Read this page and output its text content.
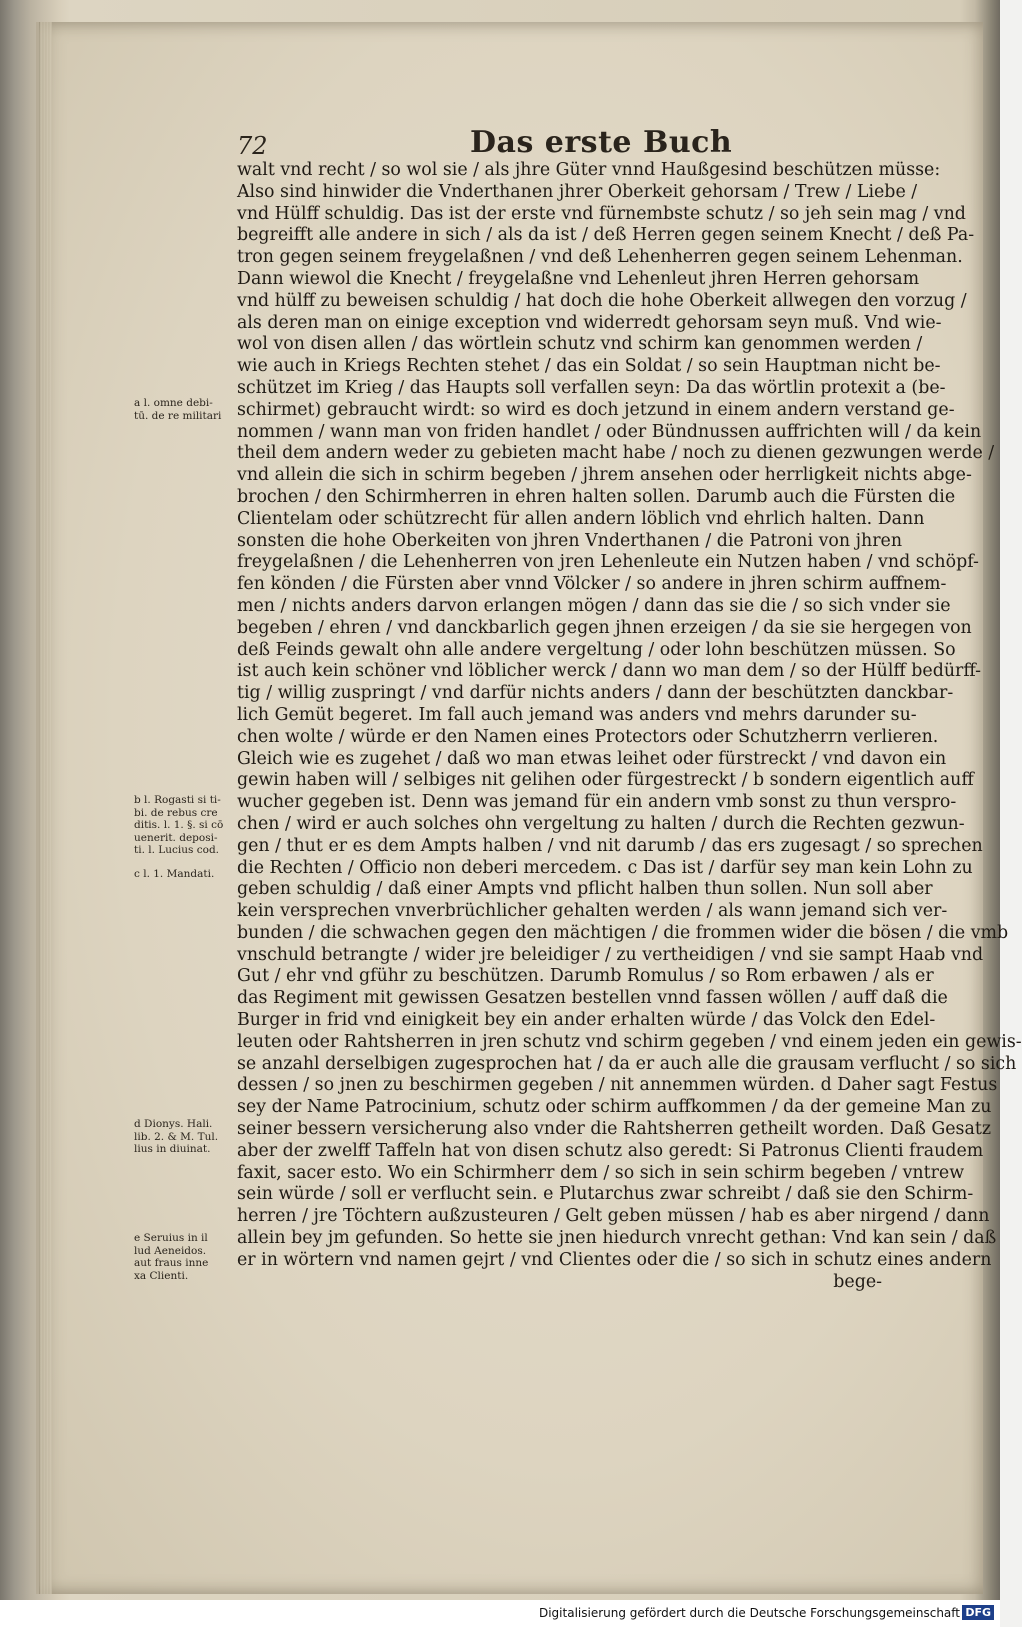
72	Das erste Buch
walt vnd recht / so wol sie / als jhre Güter vnnd Haußgesind beschützen müsse:
Also sind hinwider die Vnderthanen jhrer Oberkeit gehorsam / Trew / Liebe /
vnd Hülff schuldig. Das ist der erste vnd fürnembste schutz / so jeh sein mag / vnd
begreifft alle andere in sich / als da ist / deß Herren gegen seinem Knecht / deß Pa-
tron gegen seinem freygelaßnen / vnd deß Lehenherren gegen seinem Lehenman.
Dann wiewol die Knecht / freygelaßne vnd Lehenleut jhren Herren gehorsam
vnd hülff zu beweisen schuldig / hat doch die hohe Oberkeit allwegen den vorzug /
als deren man on einige exception vnd widerredt gehorsam seyn muß. Vnd wie-
wol von disen allen / das wörtlein schutz vnd schirm kan genommen werden /
wie auch in Kriegs Rechten stehet / das ein Soldat / so sein Hauptman nicht be-
schützet im Krieg / das Haupts soll verfallen seyn: Da das wörtlin protexit a (be-
schirmet) gebraucht wirdt: so wird es doch jetzund in einem andern verstand ge-
nommen / wann man von friden handlet / oder Bündnussen auffrichten will / da kein
theil dem andern weder zu gebieten macht habe / noch zu dienen gezwungen werde /
vnd allein die sich in schirm begeben / jhrem ansehen oder herrligkeit nichts abge-
brochen / den Schirmherren in ehren halten sollen. Darumb auch die Fürsten die
Clientelam oder schützrecht für allen andern löblich vnd ehrlich halten. Dann
sonsten die hohe Oberkeiten von jhren Vnderthanen / die Patroni von jhren
freygelaßnen / die Lehenherren von jren Lehenleute ein Nutzen haben / vnd schöpf-
fen könden / die Fürsten aber vnnd Völcker / so andere in jhren schirm auffnem-
men / nichts anders darvon erlangen mögen / dann das sie die / so sich vnder sie
begeben / ehren / vnd danckbarlich gegen jhnen erzeigen / da sie sie hergegen von
deß Feinds gewalt ohn alle andere vergeltung / oder lohn beschützen müssen. So
ist auch kein schöner vnd löblicher werck / dann wo man dem / so der Hülff bedürff-
tig / willig zuspringt / vnd darfür nichts anders / dann der beschützten danckbar-
lich Gemüt begeret. Im fall auch jemand was anders vnd mehrs darunder su-
chen wolte / würde er den Namen eines Protectors oder Schutzherrn verlieren.
Gleich wie es zugehet / daß wo man etwas leihet oder fürstreckt / vnd davon ein
gewin haben will / selbiges nit gelihen oder fürgestreckt / b sondern eigentlich auff
wucher gegeben ist. Denn was jemand für ein andern vmb sonst zu thun verspro-
chen / wird er auch solches ohn vergeltung zu halten / durch die Rechten gezwun-
gen / thut er es dem Ampts halben / vnd nit darumb / das ers zugesagt / so sprechen
die Rechten / Officio non deberi mercedem. c Das ist / darfür sey man kein Lohn zu
geben schuldig / daß einer Ampts vnd pflicht halben thun sollen. Nun soll aber
kein versprechen vnverbrüchlicher gehalten werden / als wann jemand sich ver-
bunden / die schwachen gegen den mächtigen / die frommen wider die bösen / die vmb
vnschuld betrangte / wider jre beleidiger / zu vertheidigen / vnd sie sampt Haab vnd
Gut / ehr vnd gführ zu beschützen. Darumb Romulus / so Rom erbawen / als er
das Regiment mit gewissen Gesatzen bestellen vnnd fassen wöllen / auff daß die
Burger in frid vnd einigkeit bey ein ander erhalten würde / das Volck den Edel-
leuten oder Rahtsherren in jren schutz vnd schirm gegeben / vnd einem jeden ein gewis-
se anzahl derselbigen zugesprochen hat / da er auch alle die grausam verflucht / so sich
dessen / so jnen zu beschirmen gegeben / nit annemmen würden. d Daher sagt Festus
sey der Name Patrocinium, schutz oder schirm auffkommen / da der gemeine Man zu
seiner bessern versicherung also vnder die Rahtsherren getheilt worden. Daß Gesatz
aber der zwelff Taffeln hat von disen schutz also geredt: Si Patronus Clienti fraudem
faxit, sacer esto. Wo ein Schirmherr dem / so sich in sein schirm begeben / vntrew
sein würde / soll er verflucht sein. e Plutarchus zwar schreibt / daß sie den Schirm-
herren / jre Töchtern außzusteuren / Gelt geben müssen / hab es aber nirgend / dann
allein bey jm gefunden. So hette sie jnen hiedurch vnrecht gethan: Vnd kan sein / daß
er in wörtern vnd namen gejrt / vnd Clientes oder die / so sich in schutz eines andern
bege-
a l. omne debi-
tū. de re militari
b l. Rogasti si ti-
bi. de rebus cre
ditis. l. 1. §. si cō
uenerit. deposi-
ti. l. Lucius cod.
c l. 1. Mandati.
d Dionys. Hali.
lib. 2. & M. Tul.
lius in diuinat.
e Seruius in il
lud Aeneidos.
aut fraus inne
xa Clienti.
Digitalisierung gefördert durch die Deutsche Forschungsgemeinschaft DFG
